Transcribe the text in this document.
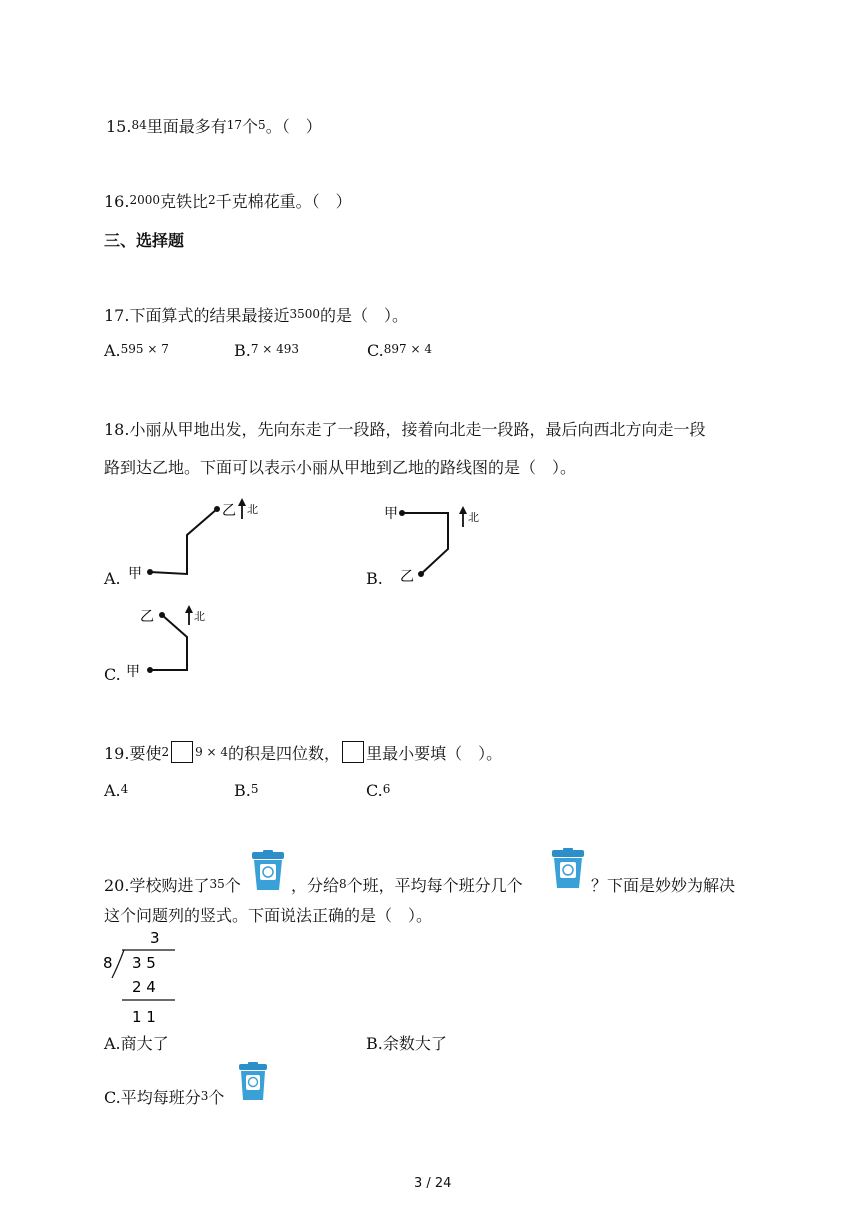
15.84里面最多有17个5。（　）
16.2000克铁比2千克棉花重。（　）
三、选择题
17.下面算式的结果最接近3500的是（　）。
A.595 × 7	B.7 × 493	C.897 × 4
18.小丽从甲地出发，先向东走了一段路，接着向北走一段路，最后向西北方向走一段
路到达乙地。下面可以表示小丽从甲地到乙地的路线图的是（　）。
A. 甲
乙 北
B.
甲
乙
北
C. 甲
乙	北
19.要使2 9 × 4的积是四位数， 里最小要填（　）。
A.4	B.5	C.6
20.学校购进了35个	，分给8个班，平均每个班分几个	？下面是妙妙为解决
这个问题列的竖式。下面说法正确的是（　）。
3
8 3 5
2 4
1 1
A.商大了	B.余数大了
C.平均每班分3个
3 / 24
